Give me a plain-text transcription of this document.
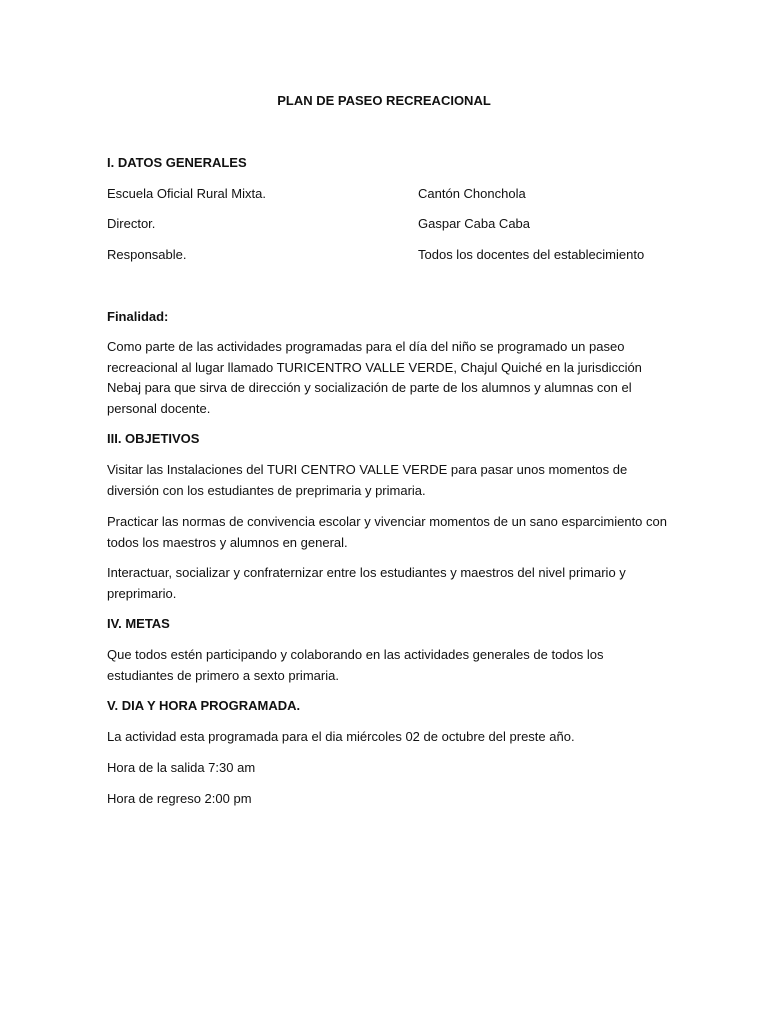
PLAN DE PASEO RECREACIONAL
I. DATOS GENERALES
Escuela Oficial Rural Mixta.	Cantón Chonchola
Director.	Gaspar Caba Caba
Responsable.	Todos los docentes del establecimiento
Finalidad:
Como parte de las actividades programadas para el día del niño se programado un paseo recreacional al lugar llamado TURICENTRO VALLE VERDE, Chajul Quiché en la jurisdicción Nebaj para que sirva de dirección y socialización de parte de los alumnos y alumnas con el personal docente.
III. OBJETIVOS
Visitar las Instalaciones del TURI CENTRO VALLE VERDE para pasar unos momentos de diversión con los estudiantes de preprimaria y primaria.
Practicar las normas de convivencia escolar y vivenciar momentos de un sano esparcimiento con todos los maestros y alumnos en general.
Interactuar, socializar y confraternizar entre los estudiantes y maestros del nivel primario y preprimario.
IV. METAS
Que todos estén participando y colaborando en las actividades generales de todos los estudiantes de primero a sexto primaria.
V. DIA Y HORA PROGRAMADA.
La actividad esta programada para el dia miércoles 02 de octubre del preste año.
Hora de la salida 7:30 am
Hora de regreso 2:00 pm
